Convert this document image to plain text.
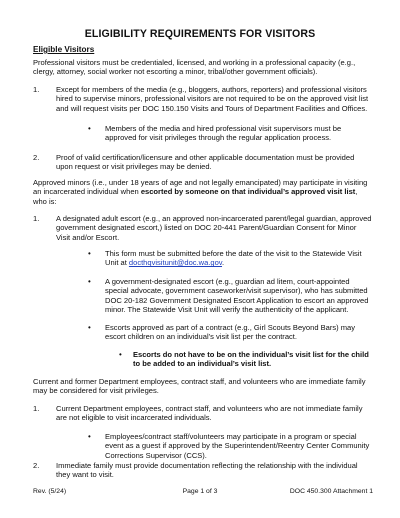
ELIGIBILITY REQUIREMENTS FOR VISITORS
Eligible Visitors

Professional visitors must be credentialed, licensed, and working in a professional capacity (e.g., clergy, attorney, social worker not escorting a minor, tribal/other government officials).

1. Except for members of the media (e.g., bloggers, authors, reporters) and professional visitors hired to supervise minors, professional visitors are not required to be on the approved visit list and will request visits per DOC 150.150 Visits and Tours of Department Facilities and Offices.

• Members of the media and hired professional visit supervisors must be approved for visit privileges through the regular application process.

2. Proof of valid certification/licensure and other applicable documentation must be provided upon request or visit privileges may be denied.

Approved minors (i.e., under 18 years of age and not legally emancipated) may participate in visiting an incarcerated individual when escorted by someone on that individual’s approved visit list, who is:

1. A designated adult escort (e.g., an approved non-incarcerated parent/legal guardian, approved government designated escort,) listed on DOC 20-441 Parent/Guardian Consent for Minor Visit and/or Escort.

• This form must be submitted before the date of the visit to the Statewide Visit Unit at docthqvisitunit@doc.wa.gov.

• A government-designated escort (e.g., guardian ad litem, court-appointed special advocate, government caseworker/visit supervisor), who has submitted DOC 20-182 Government Designated Escort Application to escort an approved minor. The Statewide Visit Unit will verify the authenticity of the applicant.

• Escorts approved as part of a contract (e.g., Girl Scouts Beyond Bars) may escort children on an individual’s visit list per the contract.

• Escorts do not have to be on the individual’s visit list for the child to be added to an individual’s visit list.

Current and former Department employees, contract staff, and volunteers who are immediate family may be considered for visit privileges.

1. Current Department employees, contract staff, and volunteers who are not immediate family are not eligible to visit incarcerated individuals.

• Employees/contract staff/volunteers may participate in a program or special event as a guest if approved by the Superintendent/Reentry Center Community Corrections Supervisor (CCS).

2. Immediate family must provide documentation reflecting the relationship with the individual they want to visit.

Rev. (5/24)	Page 1 of 3	DOC 450.300 Attachment 1
